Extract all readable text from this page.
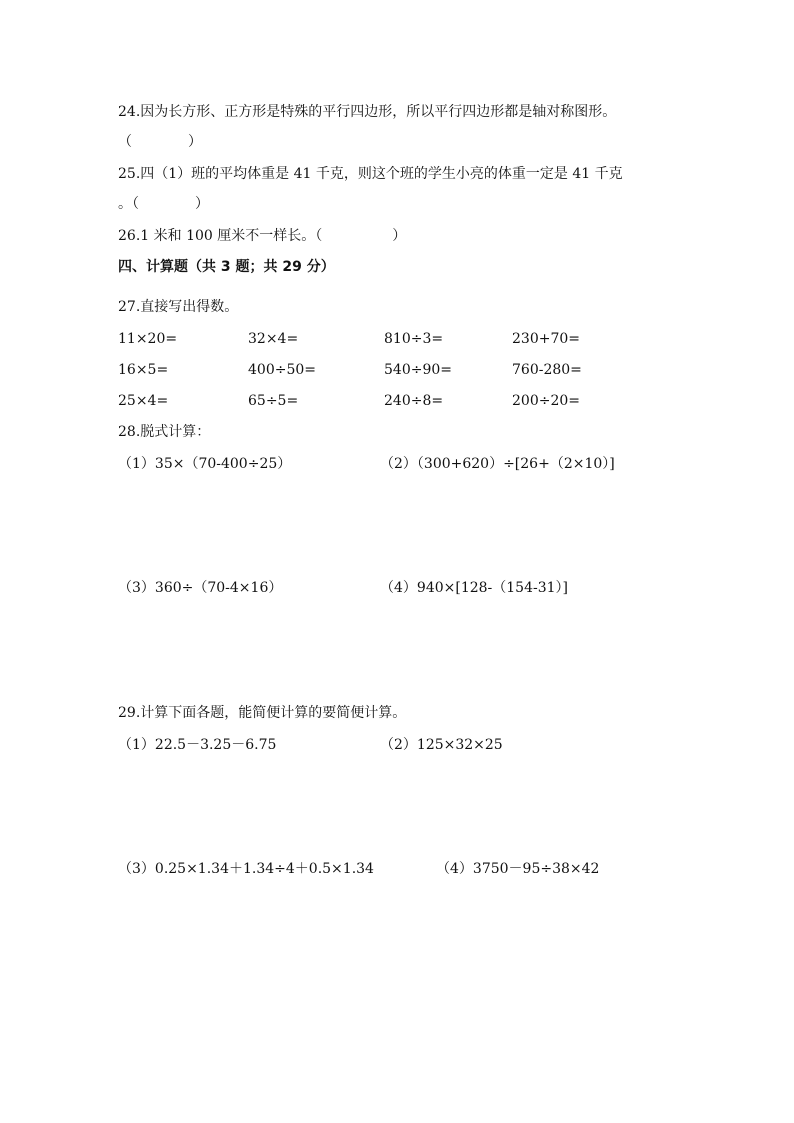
24.因为长方形、正方形是特殊的平行四边形，所以平行四边形都是轴对称图形。
（　　　　）
25.四（1）班的平均体重是 41 千克，则这个班的学生小亮的体重一定是 41 千克
。（　　　　）
26.1 米和 100 厘米不一样长。（　　　　　）
四、计算题（共 3 题；共 29 分）
27.直接写出得数。
11×20=	32×4=	810÷3=	230+70=
16×5=	400÷50=	540÷90=	760-280=
25×4=	65÷5=	240÷8=	200÷20=
28.脱式计算：
（1）35×（70-400÷25）	（2）（300+620）÷[26+（2×10）]
（3）360÷（70-4×16）	（4）940×[128-（154-31）]
29.计算下面各题，能简便计算的要简便计算。
（1）22.5－3.25－6.75	（2）125×32×25
（3）0.25×1.34＋1.34÷4＋0.5×1.34	（4）3750－95÷38×42
